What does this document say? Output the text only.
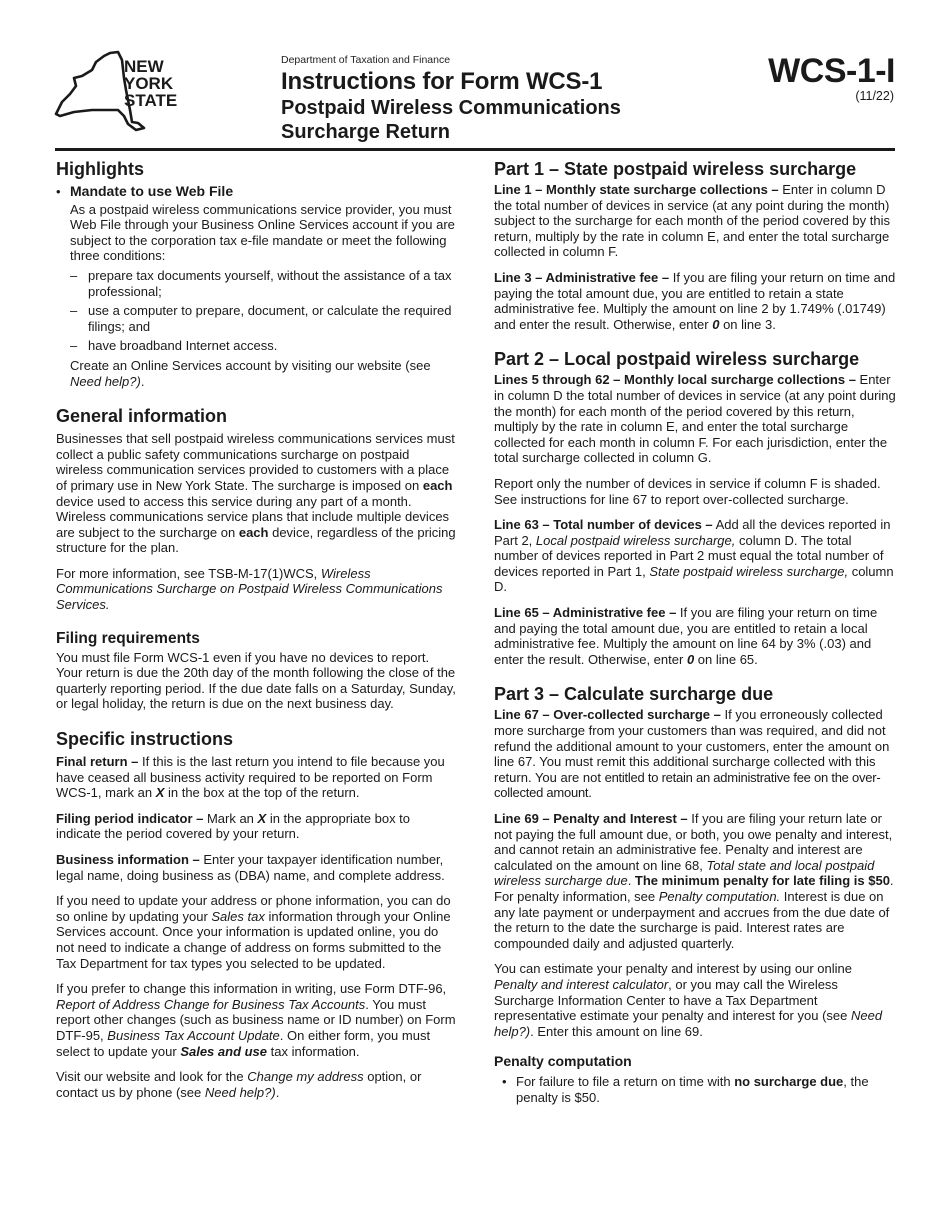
NEW
YORK
STATE
Department of Taxation and Finance
Instructions for Form WCS-1
Postpaid Wireless Communications
Surcharge Return
WCS-1-I
(11/22)
Highlights
• Mandate to use Web File

As a postpaid wireless communications service provider, you must Web File through your Business Online Services account if you are subject to the corporation tax e-file mandate or meet the following three conditions:

– prepare tax documents yourself, without the assistance of a tax professional;
– use a computer to prepare, document, or calculate the required filings; and
– have broadband Internet access.

Create an Online Services account by visiting our website (see Need help?).

General information

Businesses that sell postpaid wireless communications services must collect a public safety communications surcharge on postpaid wireless communication services provided to customers with a place of primary use in New York State. The surcharge is imposed on each device used to access this service during any part of a month. Wireless communications service plans that include multiple devices are subject to the surcharge on each device, regardless of the pricing structure for the plan.

For more information, see TSB-M-17(1)WCS, Wireless Communications Surcharge on Postpaid Wireless Communications Services.

Filing requirements

You must file Form WCS-1 even if you have no devices to report. Your return is due the 20th day of the month following the close of the quarterly reporting period. If the due date falls on a Saturday, Sunday, or legal holiday, the return is due on the next business day.

Specific instructions

Final return – If this is the last return you intend to file because you have ceased all business activity required to be reported on Form WCS-1, mark an X in the box at the top of the return.

Filing period indicator – Mark an X in the appropriate box to indicate the period covered by your return.

Business information – Enter your taxpayer identification number, legal name, doing business as (DBA) name, and complete address.

If you need to update your address or phone information, you can do so online by updating your Sales tax information through your Online Services account. Once your information is updated online, you do not need to indicate a change of address on forms submitted to the Tax Department for tax types you selected to be updated.

If you prefer to change this information in writing, use Form DTF-96, Report of Address Change for Business Tax Accounts. You must report other changes (such as business name or ID number) on Form DTF-95, Business Tax Account Update. On either form, you must select to update your Sales and use tax information.

Visit our website and look for the Change my address option, or contact us by phone (see Need help?).

Part 1 – State postpaid wireless surcharge

Line 1 – Monthly state surcharge collections – Enter in column D the total number of devices in service (at any point during the month) subject to the surcharge for each month of the period covered by this return, multiply by the rate in column E, and enter the total surcharge collected in column F.

Line 3 – Administrative fee – If you are filing your return on time and paying the total amount due, you are entitled to retain a state administrative fee. Multiply the amount on line 2 by 1.749% (.01749) and enter the result. Otherwise, enter 0 on line 3.

Part 2 – Local postpaid wireless surcharge

Lines 5 through 62 – Monthly local surcharge collections – Enter in column D the total number of devices in service (at any point during the month) for each month of the period covered by this return, multiply by the rate in column E, and enter the total surcharge collected for each month in column F. For each jurisdiction, enter the total surcharge collected in column G.

Report only the number of devices in service if column F is shaded. See instructions for line 67 to report over-collected surcharge.

Line 63 – Total number of devices – Add all the devices reported in Part 2, Local postpaid wireless surcharge, column D. The total number of devices reported in Part 2 must equal the total number of devices reported in Part 1, State postpaid wireless surcharge, column D.

Line 65 – Administrative fee – If you are filing your return on time and paying the total amount due, you are entitled to retain a local administrative fee. Multiply the amount on line 64 by 3% (.03) and enter the result. Otherwise, enter 0 on line 65.

Part 3 – Calculate surcharge due

Line 67 – Over-collected surcharge – If you erroneously collected more surcharge from your customers than was required, and did not refund the additional amount to your customers, enter the amount on line 67. You must remit this additional surcharge collected with this return. You are not entitled to retain an administrative fee on the over-collected amount.

Line 69 – Penalty and Interest – If you are filing your return late or not paying the full amount due, or both, you owe penalty and interest, and cannot retain an administrative fee. Penalty and interest are calculated on the amount on line 68, Total state and local postpaid wireless surcharge due. The minimum penalty for late filing is $50. For penalty information, see Penalty computation. Interest is due on any late payment or underpayment and accrues from the due date of the return to the date the surcharge is paid. Interest rates are compounded daily and adjusted quarterly.

You can estimate your penalty and interest by using our online Penalty and interest calculator, or you may call the Wireless Surcharge Information Center to have a Tax Department representative estimate your penalty and interest for you (see Need help?). Enter this amount on line 69.

Penalty computation
• For failure to file a return on time with no surcharge due, the penalty is $50.
